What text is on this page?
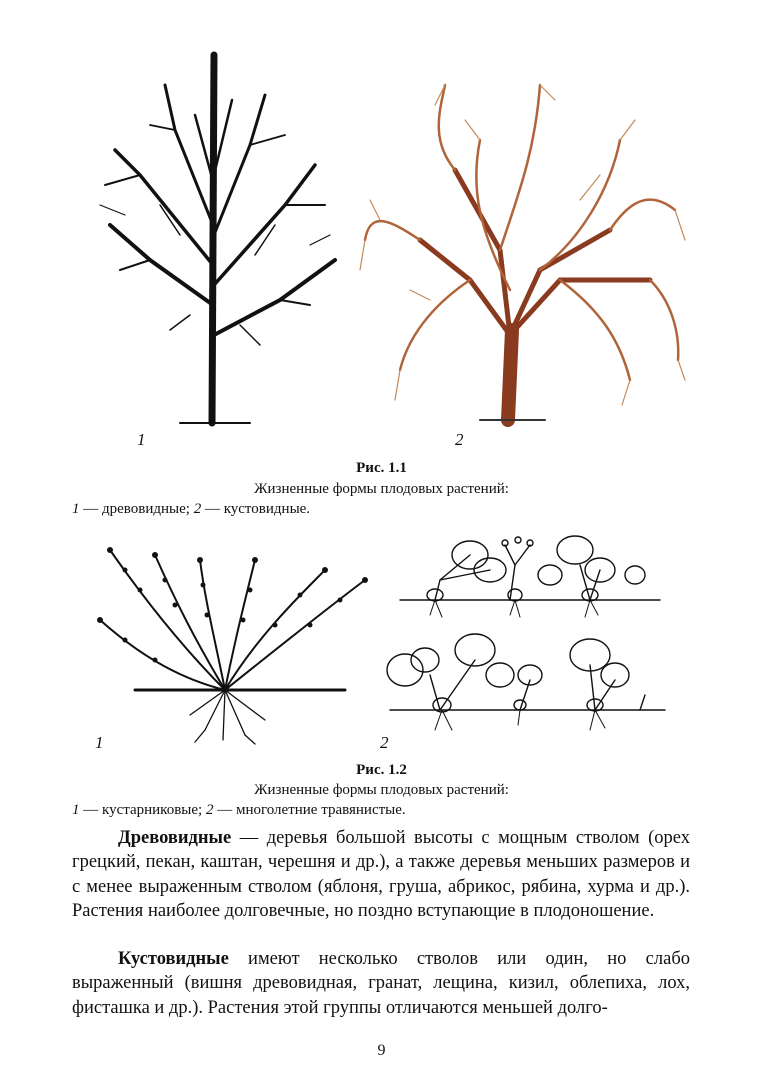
1	2
Рис. 1.1
Жизненные формы плодовых растений:
1 — древовидные; 2 — кустовидные.
1	2
Рис. 1.2
Жизненные формы плодовых растений:
1 — кустарниковые; 2 — многолетние травянистые.

Древовидные — деревья большой высоты с мощным стволом (орех грецкий, пекан, каштан, черешня и др.), а также деревья меньших размеров и с менее выраженным стволом (яблоня, груша, абрикос, рябина, хурма и др.). Растения наиболее долговечные, но поздно вступающие в плодоношение.

Кустовидные имеют несколько стволов или один, но слабо выраженный (вишня древовидная, гранат, лещина, кизил, облепиха, лох, фисташка и др.). Растения этой группы отличаются меньшей долго-

9
